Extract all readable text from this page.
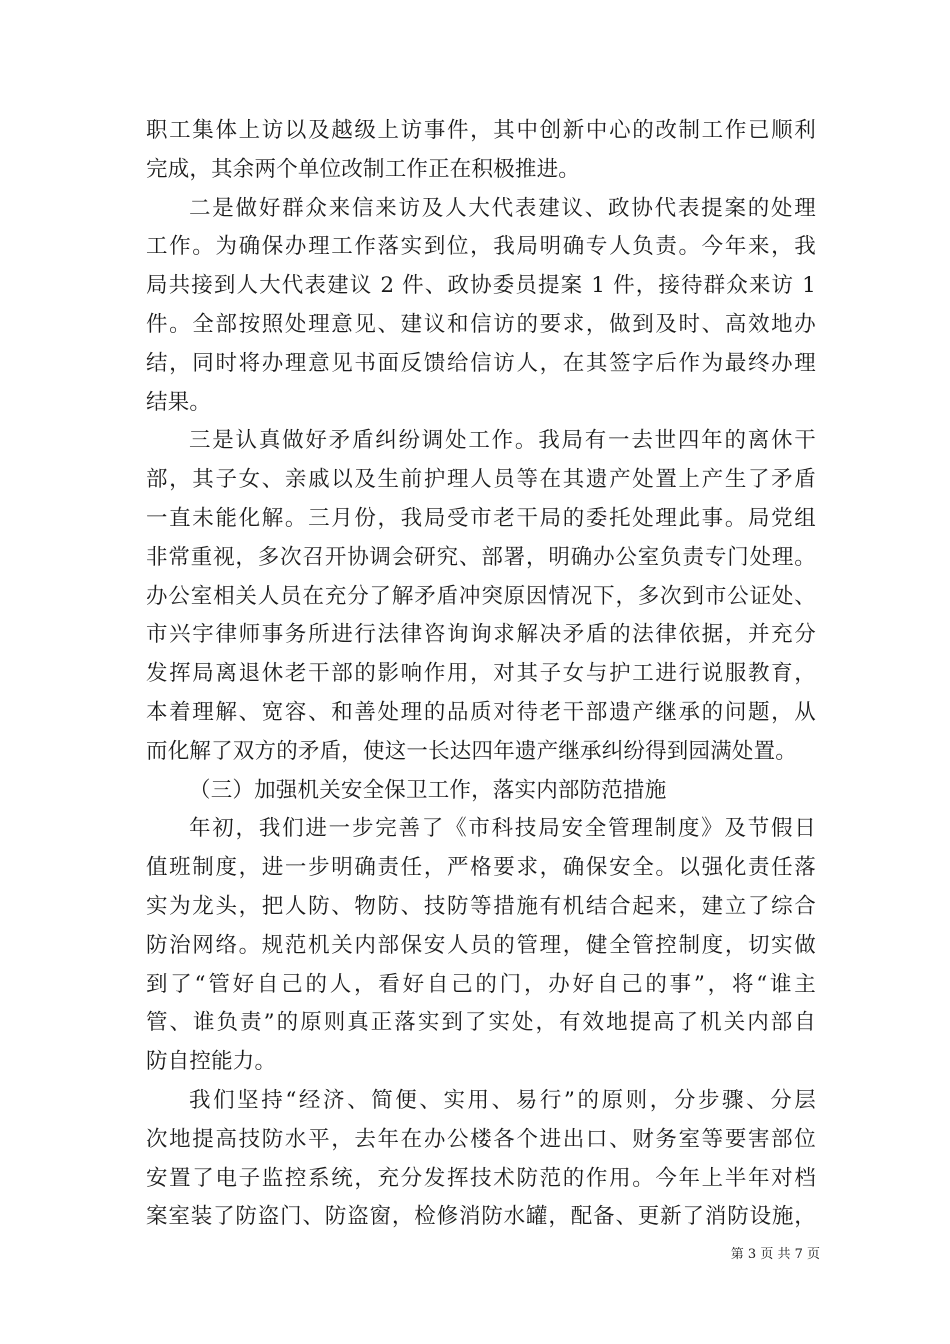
职工集体上访以及越级上访事件，其中创新中心的改制工作已顺利
完成，其余两个单位改制工作正在积极推进。
二是做好群众来信来访及人大代表建议、政协代表提案的处理
工作。为确保办理工作落实到位，我局明确专人负责。今年来，我
局共接到人大代表建议 2 件、政协委员提案 1 件，接待群众来访 1
件。全部按照处理意见、建议和信访的要求，做到及时、高效地办
结，同时将办理意见书面反馈给信访人，在其签字后作为最终办理
结果。
三是认真做好矛盾纠纷调处工作。我局有一去世四年的离休干
部，其子女、亲戚以及生前护理人员等在其遗产处置上产生了矛盾
一直未能化解。三月份，我局受市老干局的委托处理此事。局党组
非常重视，多次召开协调会研究、部署，明确办公室负责专门处理。
办公室相关人员在充分了解矛盾冲突原因情况下，多次到市公证处、
市兴宇律师事务所进行法律咨询询求解决矛盾的法律依据，并充分
发挥局离退休老干部的影响作用，对其子女与护工进行说服教育，
本着理解、宽容、和善处理的品质对待老干部遗产继承的问题，从
而化解了双方的矛盾，使这一长达四年遗产继承纠纷得到园满处置。
（三）加强机关安全保卫工作，落实内部防范措施
年初，我们进一步完善了《市科技局安全管理制度》及节假日
值班制度，进一步明确责任，严格要求，确保安全。以强化责任落
实为龙头，把人防、物防、技防等措施有机结合起来，建立了综合
防治网络。规范机关内部保安人员的管理，健全管控制度，切实做
到了“管好自己的人，看好自己的门，办好自己的事”，将“谁主
管、谁负责”的原则真正落实到了实处，有效地提高了机关内部自
防自控能力。
我们坚持“经济、简便、实用、易行”的原则，分步骤、分层
次地提高技防水平，去年在办公楼各个进出口、财务室等要害部位
安置了电子监控系统，充分发挥技术防范的作用。今年上半年对档
案室装了防盗门、防盗窗，检修消防水罐，配备、更新了消防设施，
第 3 页 共 7 页
